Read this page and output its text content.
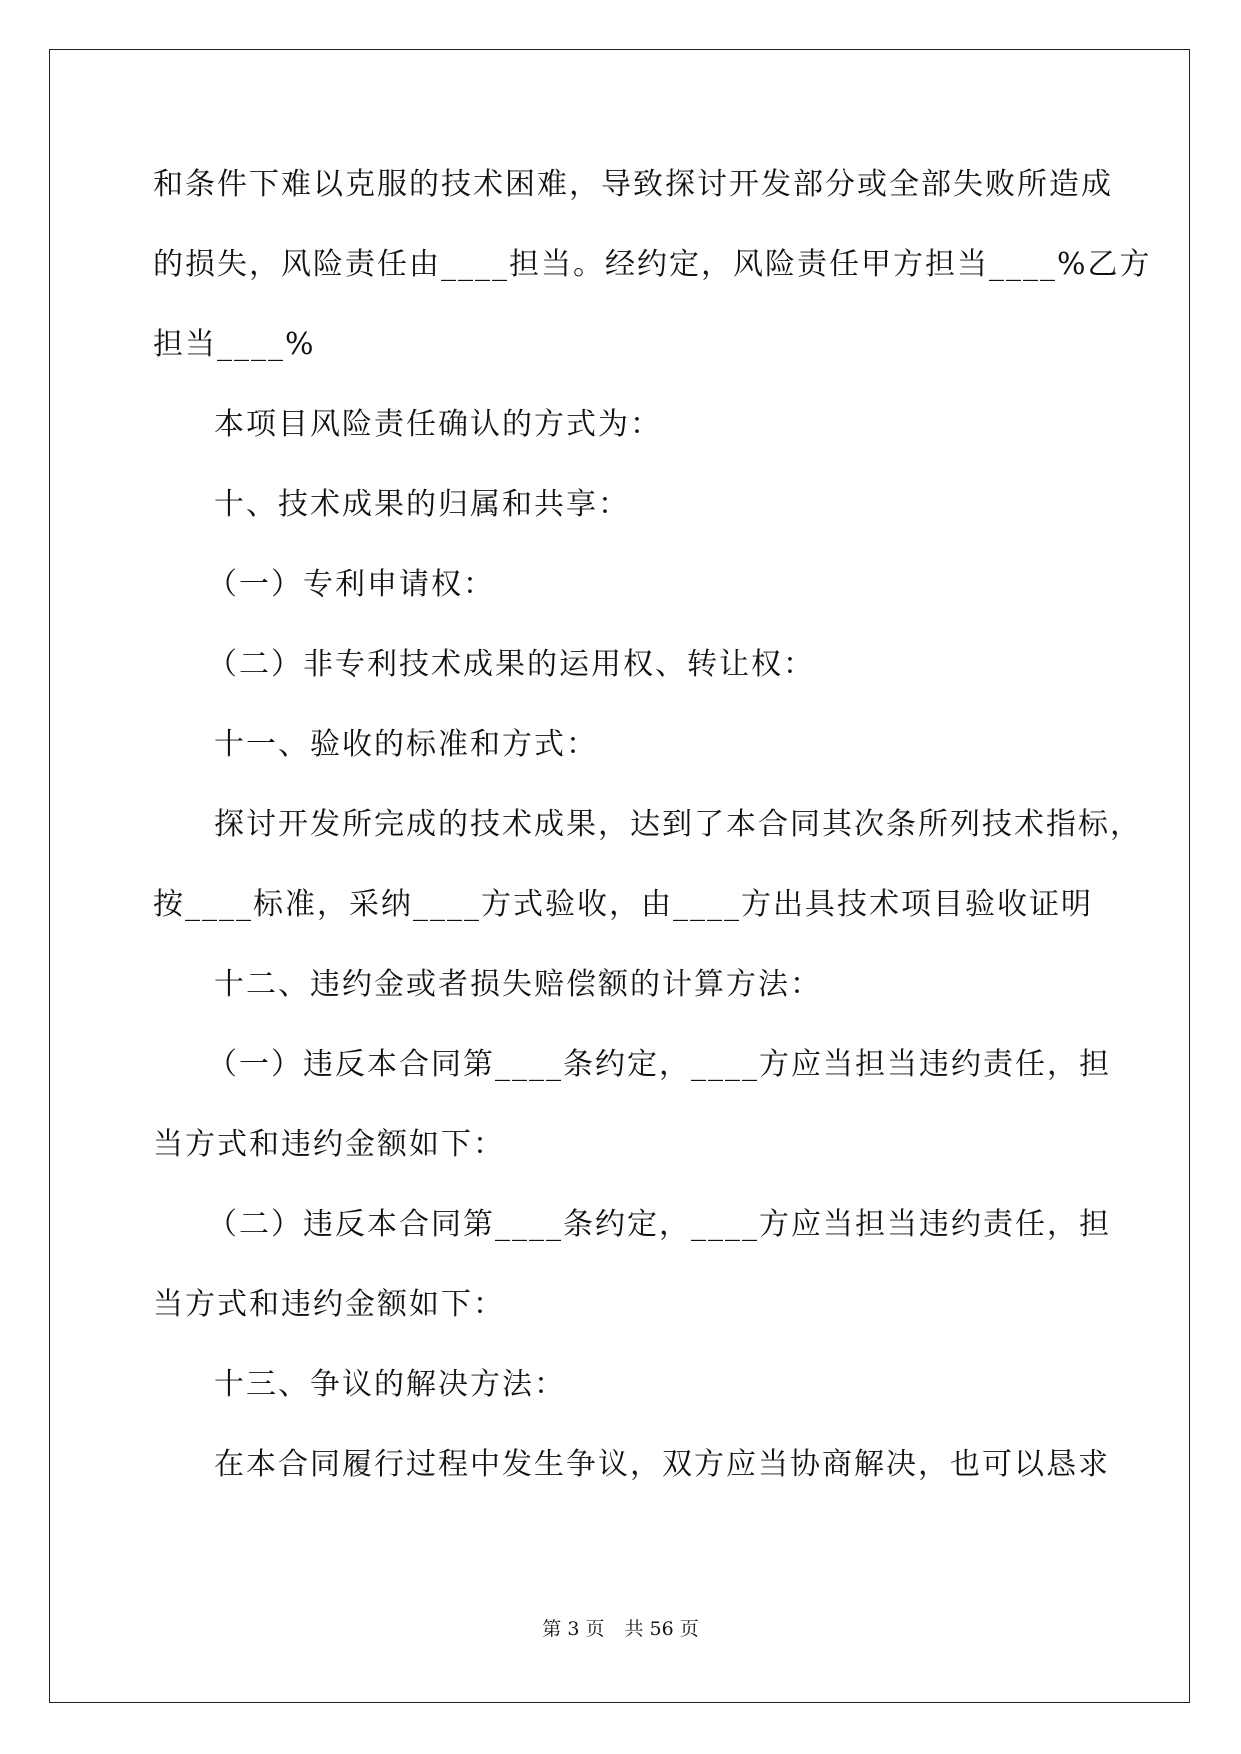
和条件下难以克服的技术困难，导致探讨开发部分或全部失败所造成
的损失，风险责任由____担当。经约定，风险责任甲方担当____%乙方
担当____%
本项目风险责任确认的方式为：
十、技术成果的归属和共享：
（一）专利申请权：
（二）非专利技术成果的运用权、转让权：
十一、验收的标准和方式：
探讨开发所完成的技术成果，达到了本合同其次条所列技术指标，
按____标准，采纳____方式验收，由____方出具技术项目验收证明
十二、违约金或者损失赔偿额的计算方法：
（一）违反本合同第____条约定，____方应当担当违约责任，担
当方式和违约金额如下：
（二）违反本合同第____条约定，____方应当担当违约责任，担
当方式和违约金额如下：
十三、争议的解决方法：
在本合同履行过程中发生争议，双方应当协商解决，也可以恳求
第 3 页 共 56 页
